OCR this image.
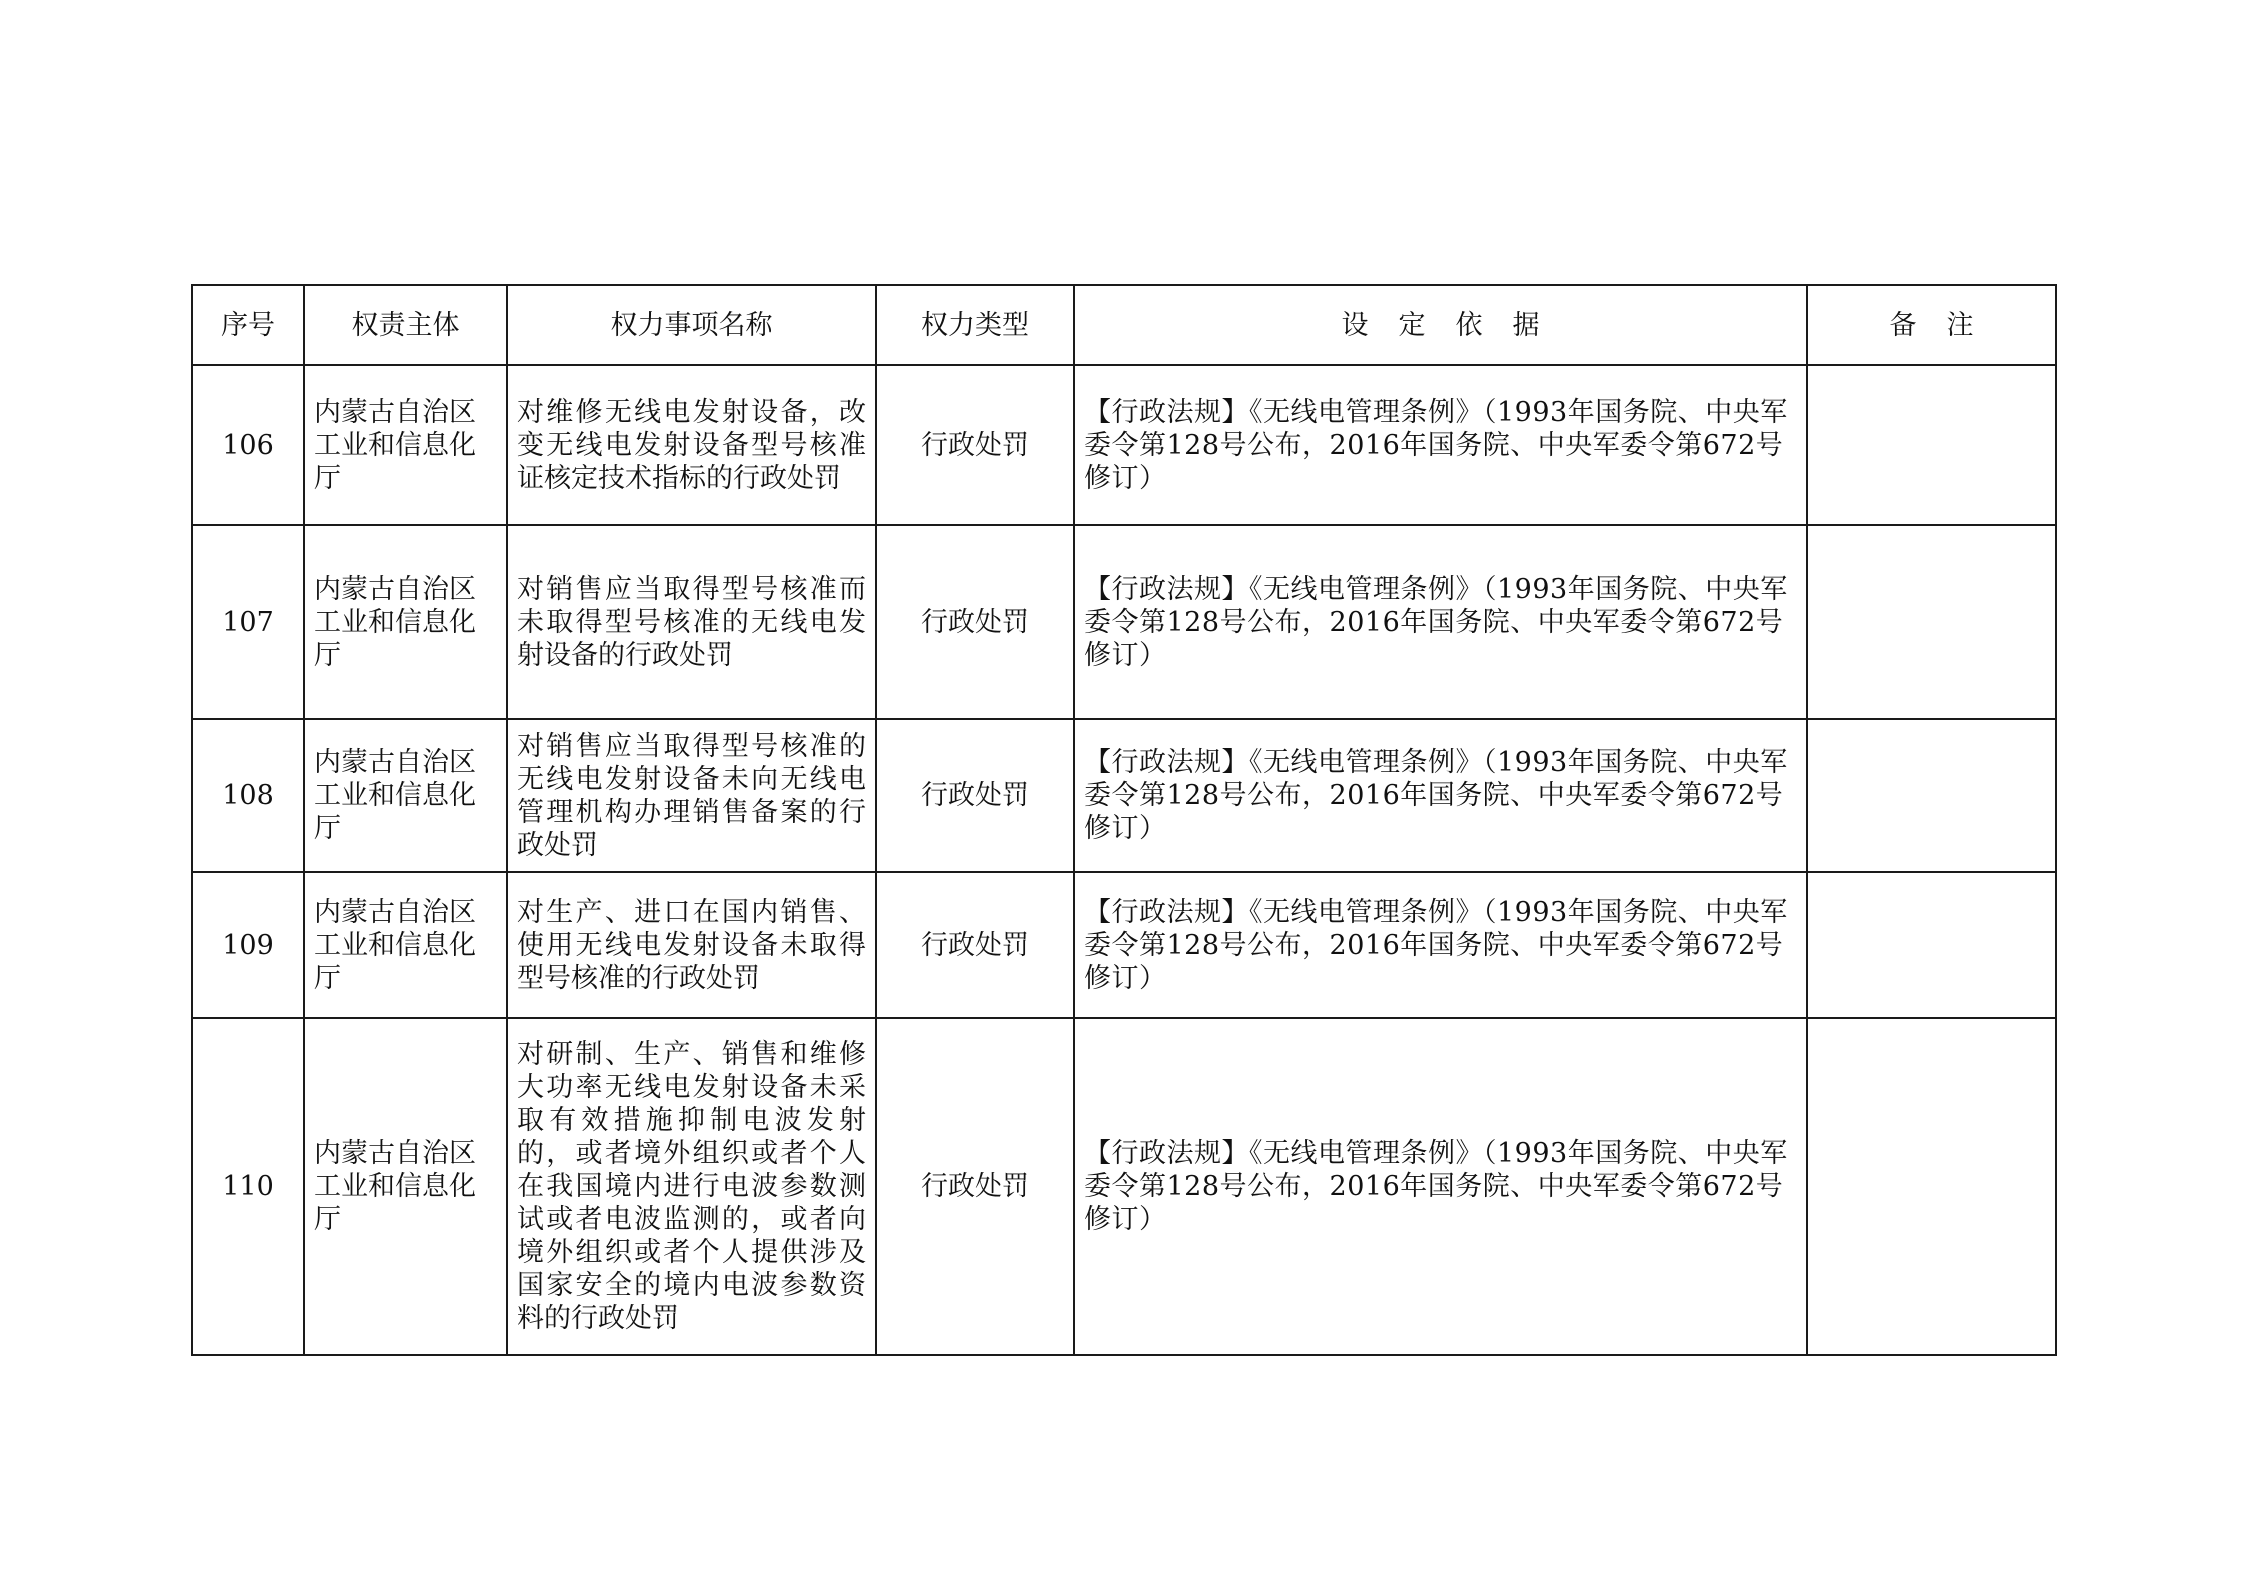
序号	权责主体	权力事项名称	权力类型	设定依据	备注
106	内蒙古自治区工业和信息化厅	对维修无线电发射设备，改变无线电发射设备型号核准证核定技术指标的行政处罚	行政处罚	【行政法规】《无线电管理条例》（1993年国务院、中央军委令第128号公布，2016年国务院、中央军委令第672号修订）	
107	内蒙古自治区工业和信息化厅	对销售应当取得型号核准而未取得型号核准的无线电发射设备的行政处罚	行政处罚	【行政法规】《无线电管理条例》（1993年国务院、中央军委令第128号公布，2016年国务院、中央军委令第672号修订）	
108	内蒙古自治区工业和信息化厅	对销售应当取得型号核准的无线电发射设备未向无线电管理机构办理销售备案的行政处罚	行政处罚	【行政法规】《无线电管理条例》（1993年国务院、中央军委令第128号公布，2016年国务院、中央军委令第672号修订）	
109	内蒙古自治区工业和信息化厅	对生产、进口在国内销售、使用无线电发射设备未取得型号核准的行政处罚	行政处罚	【行政法规】《无线电管理条例》（1993年国务院、中央军委令第128号公布，2016年国务院、中央军委令第672号修订）	
110	内蒙古自治区工业和信息化厅	对研制、生产、销售和维修大功率无线电发射设备未采取有效措施抑制电波发射的，或者境外组织或者个人在我国境内进行电波参数测试或者电波监测的，或者向境外组织或者个人提供涉及国家安全的境内电波参数资料的行政处罚	行政处罚	【行政法规】《无线电管理条例》（1993年国务院、中央军委令第128号公布，2016年国务院、中央军委令第672号修订）	
